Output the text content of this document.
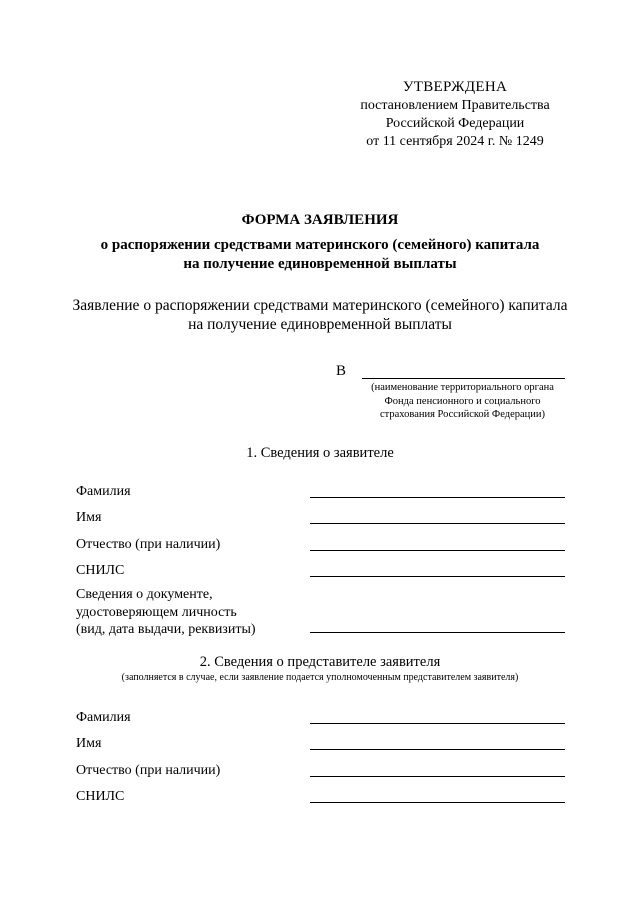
УТВЕРЖДЕНА
постановлением Правительства
Российской Федерации
от 11 сентября 2024 г. № 1249
ФОРМА ЗАЯВЛЕНИЯ
о распоряжении средствами материнского (семейного) капитала
на получение единовременной выплаты
Заявление о распоряжении средствами материнского (семейного) капитала
на получение единовременной выплаты
В
(наименование территориального органа
Фонда пенсионного и социального
страхования Российской Федерации)
1. Сведения о заявителе
Фамилия
Имя
Отчество (при наличии)
СНИЛС
Сведения о документе,
удостоверяющем личность
(вид, дата выдачи, реквизиты)
2. Сведения о представителе заявителя
(заполняется в случае, если заявление подается уполномоченным представителем заявителя)
Фамилия
Имя
Отчество (при наличии)
СНИЛС
